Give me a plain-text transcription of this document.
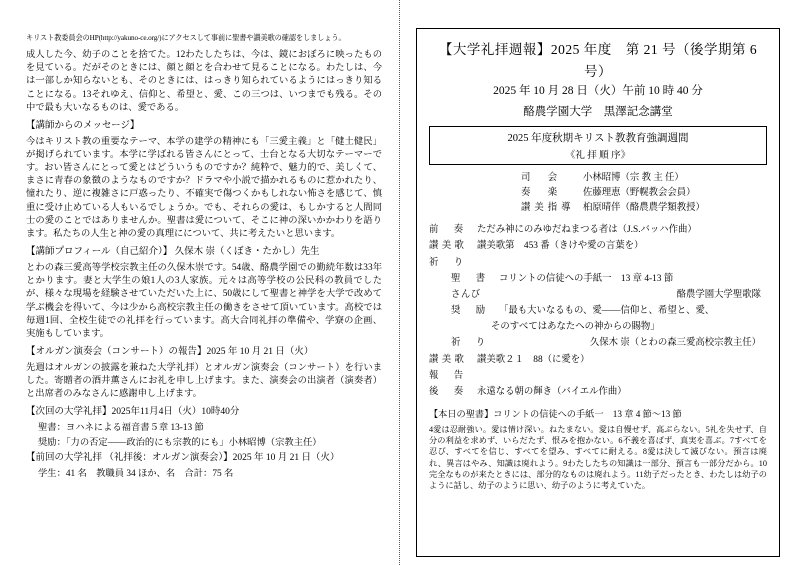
キリスト教委員会のHP(http://yakuno-ce.org/)にアクセスして事前に聖書や讃美歌の確認をしましょう。

成人した今、幼子のことを捨てた。12わたしたちは、今は、鏡におぼろに映ったものを見ている。だがそのときには、顔と顔とを合わせて見ることになる。わたしは、今は一部しか知らないとも、そのときには、はっきり知られているようにはっきり知ることになる。13それゆえ、信仰と、希望と、愛、この三つは、いつまでも残る。その中で最も大いなるものは、愛である。

【講師からのメッセージ】

今はキリスト教の重要なテーマ、本学の建学の精神にも「三愛主義」と「健土健民」が掲げられています。本学に学ばれる皆さんにとって、士台となる大切なテーマーです。おい皆さんにとって愛とはどういうものですか？純粋で、魅力的で、美しくて、まさに青春の象徴のようなものですか？ドラマや小説で描かれるものに惹かれたり、憧れたり、逆に複雑さに戸惑ったり、不確実で傷つくかもしれない怖さを感じて、慎重に受け止めている人もいるでしょうか。でも、それらの愛は、もしかすると人間同士の愛のことではありませんか。聖書は愛について、そこに神の深いかかわりを語ります。私たちの人生と神の愛の真理にについて、共に考えたいと思います。

【講師プロフィール（自己紹介）】 久保木 崇（くぼき・たかし）先生

とわの森三愛高等学校宗教主任の久保木崇です。54歳、酪農学園での勤続年数は33年とかります。妻と大学生の娘1人の3人家族。元々は高等学校の公民科の教員でしたが、様々な現場を経験させていただいた上に、50歳にして聖書と神学を大学で改めて学ぶ機会を得いて、今は少から高校宗教主任の働きをさせて頂いています。高校では毎週1回、全校生徒での礼拝を行っています。高大合同礼拝の準備や、学寮の企画、実施もしています。

【オルガン演奏会（コンサート）の報告】2025 年 10 月 21 日（火）

先週はオルガンの披露を兼ねた大学礼拝）とオルガン演奏会（コンサート）を行いました。寄贈者の酒井薫さんにお礼を申し上げます。また、演奏会の出演者（演奏者）と出席者のみなさんに感謝申し上げます。

【次回の大学礼拝】2025年11月4日（火）10時40分
聖書：ヨハネによる福音書５章 13-13 節
奨励：「力の否定——政治的にも宗教的にも」小林昭博（宗教主任）
【前回の大学礼拝 （礼拝後：オルガン演奏会）】2025 年 10 月 21 日（火）
学生：41 名　教職員 34 ほか、名　合計：75 名
【大学礼拝週報】2025 年度　第 21 号（後学期第 6 号）
2025 年 10 月 28 日（火）午前 10 時 40 分
酪農学園大学　黒澤記念講堂
2025 年度秋期キリスト教教育強調週間
《礼 拝 順 序》
司　会	小林昭博（宗 教 主 任）
奏　楽	佐藤理恵（野幌教会会員）
讃美指導 桕原晴伴（酪農農学類教授）
前　奏	ただみ神にのみゆだねまつる者は（J.S.バッハ作曲）
讃 美 歌	讃美歌第　453 番（きけや愛の言葉を）
祈　り
聖　書	コリントの信徒への手紙一　13 章 4-13 節
さんび	酪農学園大学聖歌隊
奨　励	「最も大いなるもの、愛——信仰と、希望と、愛、
そのすべてはあなたへの神からの賜物」
祈　り	久保木 崇（とわの森三愛高校宗教主任）
讃 美 歌	讃美歌２１　88（に愛を）
報　告
後　奏	永遠なる朝の輝き（バイエル作曲）
【本日の聖書】コリントの信徒への手紙一　13 章 4 節～13 節
4愛は忍耐強い。愛は情け深い。ねたまない。愛は自慢せず、高ぶらない。5礼を失せず、自分の利益を求めず、いらだたず、恨みを抱かない。6不義を喜ばず、真実を喜ぶ。7すべてを忍び、すべてを信じ、すべてを望み、すべてに耐える。8愛は決して滅びない。預言は廃れ、異言はやみ、知識は廃れよう。9わたしたちの知識は一部分、預言も一部分だから。10完全なものが来たときには、部分的なものは廃れよう。11幼子だったとき、わたしは幼子のように話し、幼子のように思い、幼子のように考えていた。
